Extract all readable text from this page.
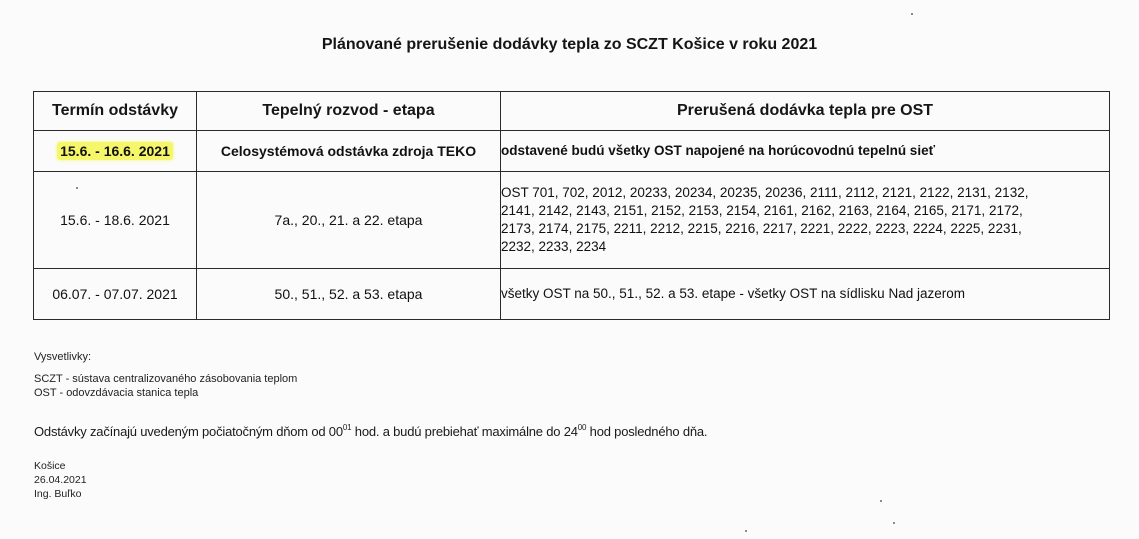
Plánované prerušenie dodávky tepla zo SCZT Košice v roku 2021
Termín odstávky	Tepelný rozvod - etapa	Prerušená dodávka tepla pre OST
15.6. - 16.6. 2021	Celosystémová odstávka zdroja TEKO	odstavené budú všetky OST napojené na horúcovodnú tepelnú sieť
15.6. - 18.6. 2021	7a., 20., 21. a 22. etapa	OST 701, 702, 2012, 20233, 20234, 20235, 20236, 2111, 2112, 2121, 2122, 2131, 2132,
2141, 2142, 2143, 2151, 2152, 2153, 2154, 2161, 2162, 2163, 2164, 2165, 2171, 2172,
2173, 2174, 2175, 2211, 2212, 2215, 2216, 2217, 2221, 2222, 2223, 2224, 2225, 2231,
2232, 2233, 2234

06.07. - 07.07. 2021	50., 51., 52. a 53. etapa	všetky OST na 50., 51., 52. a 53. etape - všetky OST na sídlisku Nad jazerom
Vysvetlivky:
SCZT - sústava centralizovaného zásobovania teplom
OST - odovzdávacia stanica tepla
Odstávky začínajú uvedeným počiatočným dňom od $00^{01}$ hod. a budú prebiehať maximálne do $24^{00}$ hod posledného dňa.
Košice
26.04.2021
Ing. Buľko
